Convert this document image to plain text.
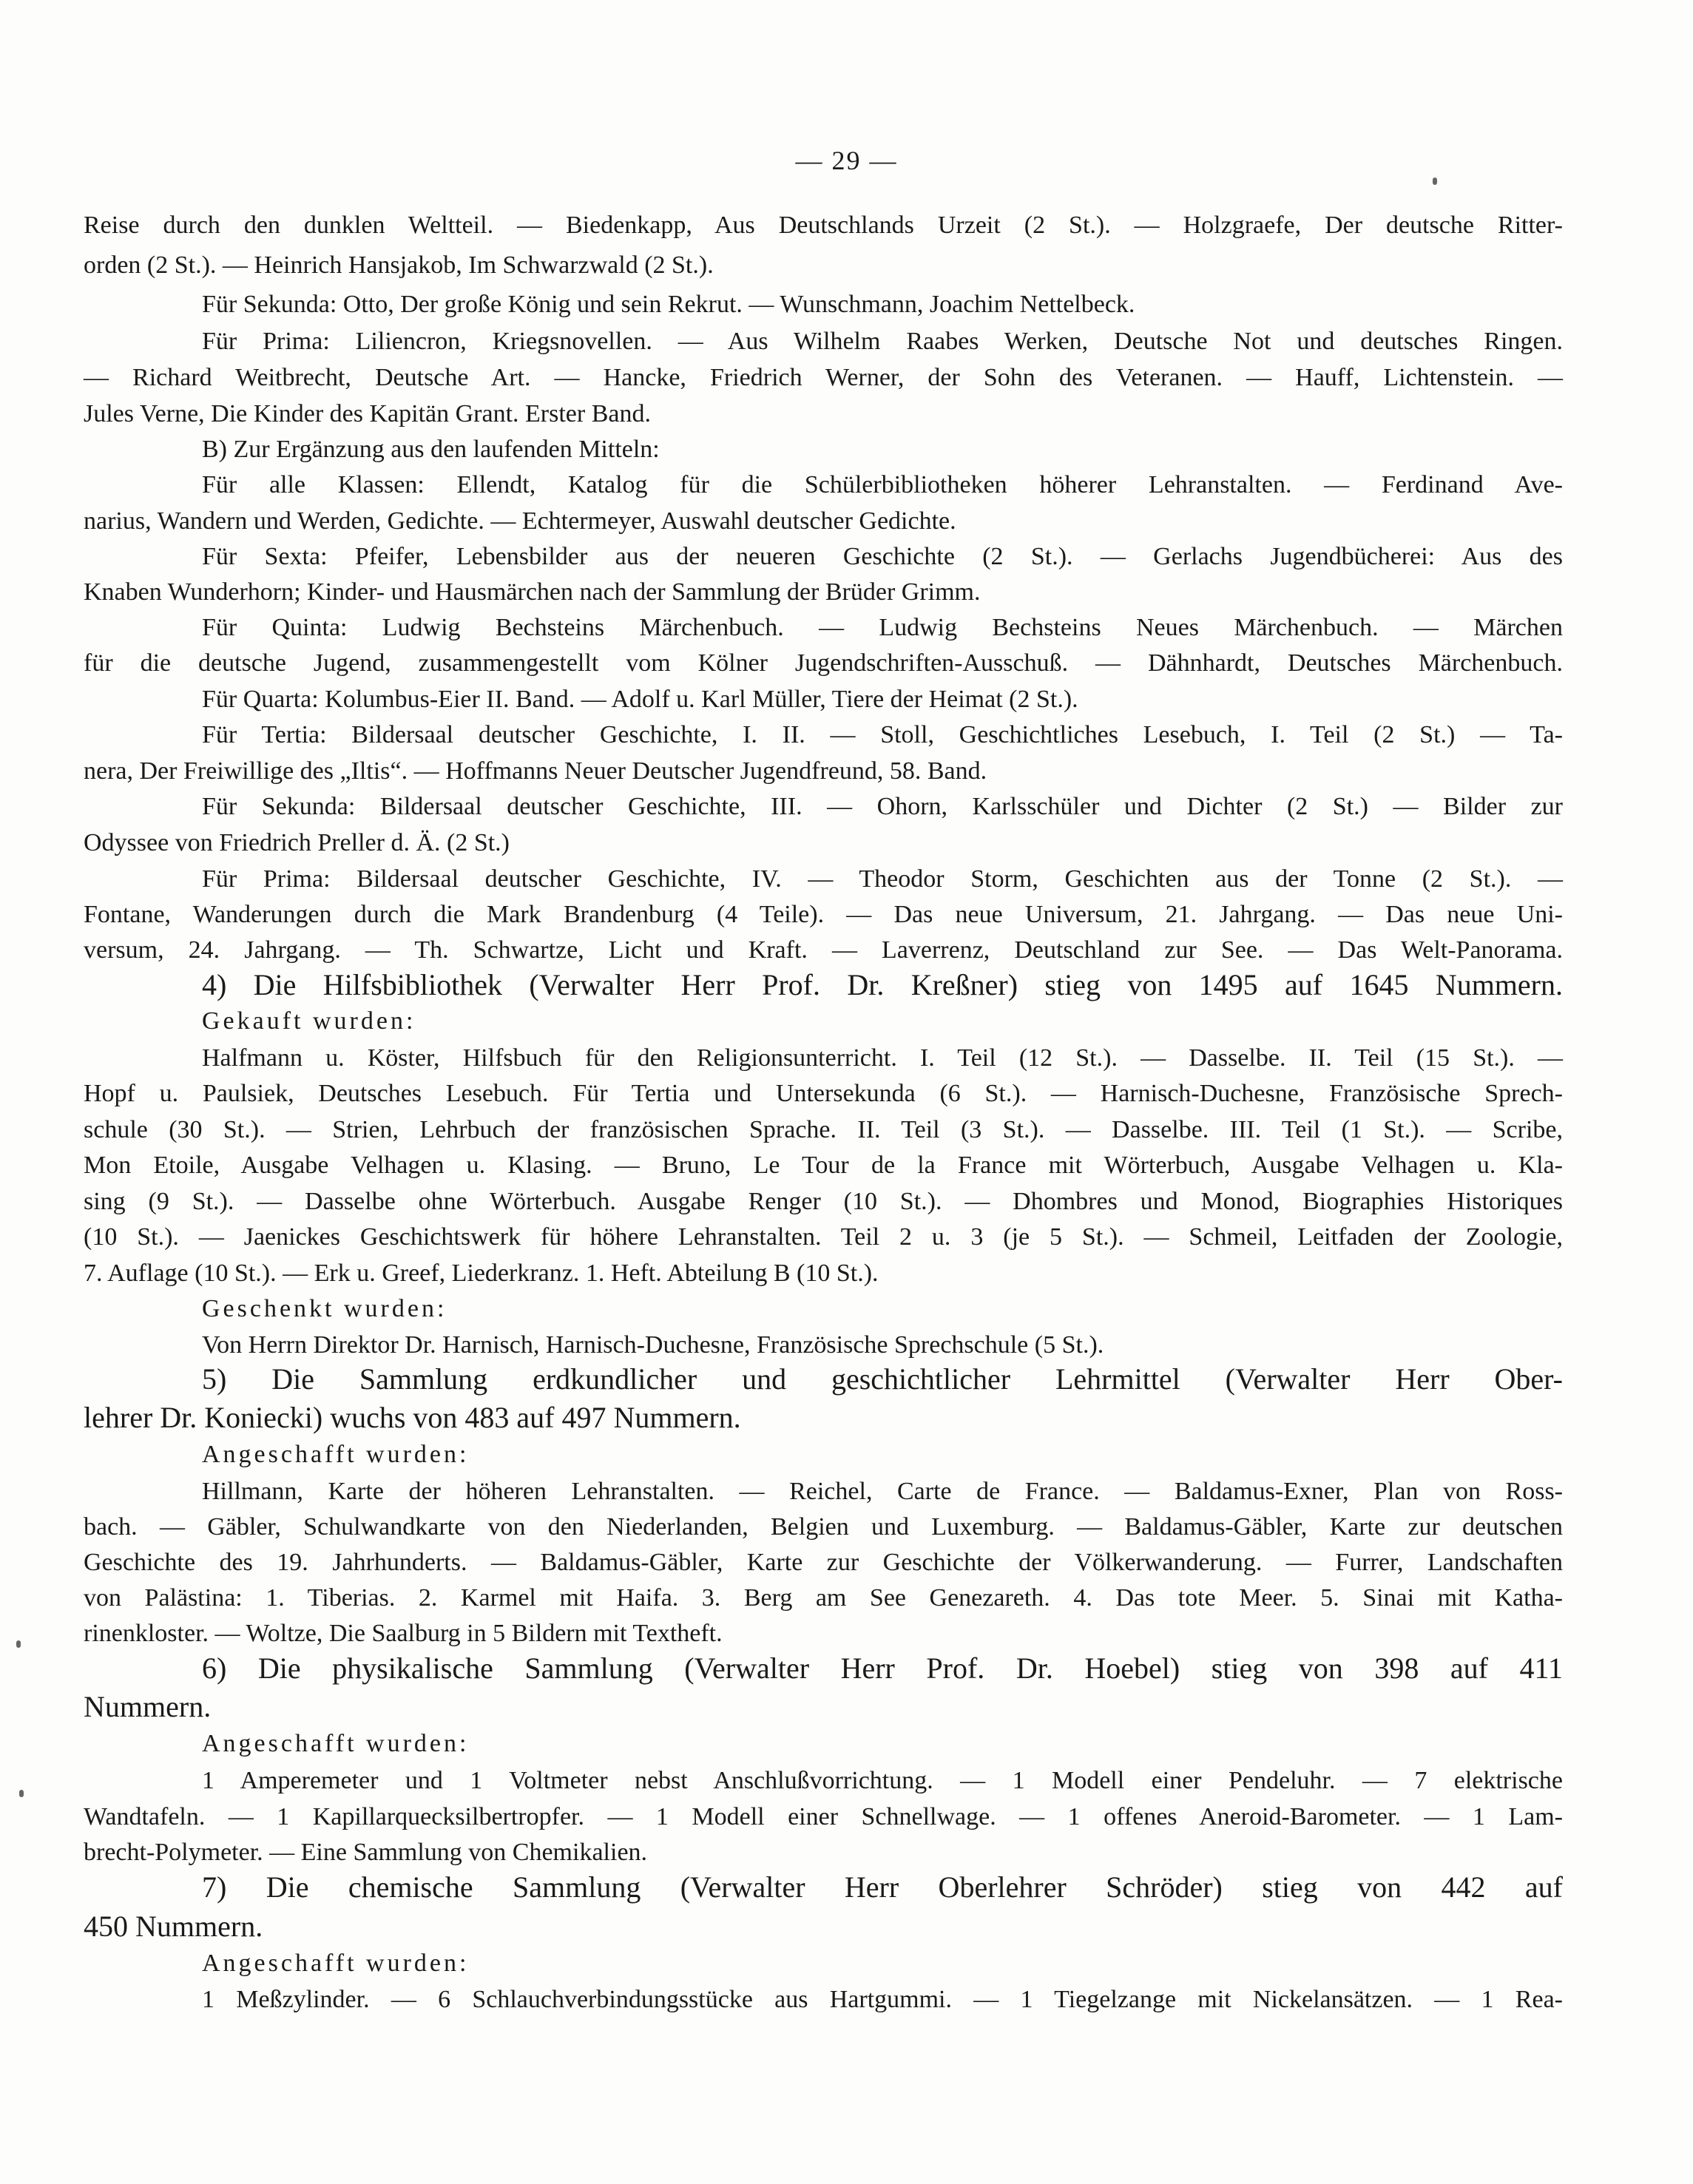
— 29 —
Reise durch den dunklen Weltteil. — Biedenkapp, Aus Deutschlands Urzeit (2 St.). — Holzgraefe, Der deutsche Ritter-
orden (2 St.). — Heinrich Hansjakob, Im Schwarzwald (2 St.).
Für Sekunda: Otto, Der große König und sein Rekrut. — Wunschmann, Joachim Nettelbeck.
Für Prima: Liliencron, Kriegsnovellen. — Aus Wilhelm Raabes Werken, Deutsche Not und deutsches Ringen.
— Richard Weitbrecht, Deutsche Art. — Hancke, Friedrich Werner, der Sohn des Veteranen. — Hauff, Lichtenstein. —
Jules Verne, Die Kinder des Kapitän Grant. Erster Band.
B) Zur Ergänzung aus den laufenden Mitteln:
Für alle Klassen: Ellendt, Katalog für die Schülerbibliotheken höherer Lehranstalten. — Ferdinand Ave-
narius, Wandern und Werden, Gedichte. — Echtermeyer, Auswahl deutscher Gedichte.
Für Sexta: Pfeifer, Lebensbilder aus der neueren Geschichte (2 St.). — Gerlachs Jugendbücherei: Aus des
Knaben Wunderhorn; Kinder- und Hausmärchen nach der Sammlung der Brüder Grimm.
Für Quinta: Ludwig Bechsteins Märchenbuch. — Ludwig Bechsteins Neues Märchenbuch. — Märchen
für die deutsche Jugend, zusammengestellt vom Kölner Jugendschriften-Ausschuß. — Dähnhardt, Deutsches Märchenbuch.
Für Quarta: Kolumbus-Eier II. Band. — Adolf u. Karl Müller, Tiere der Heimat (2 St.).
Für Tertia: Bildersaal deutscher Geschichte, I. II. — Stoll, Geschichtliches Lesebuch, I. Teil (2 St.) — Ta-
nera, Der Freiwillige des „Iltis“. — Hoffmanns Neuer Deutscher Jugendfreund, 58. Band.
Für Sekunda: Bildersaal deutscher Geschichte, III. — Ohorn, Karlsschüler und Dichter (2 St.) — Bilder zur
Odyssee von Friedrich Preller d. Ä. (2 St.)
Für Prima: Bildersaal deutscher Geschichte, IV. — Theodor Storm, Geschichten aus der Tonne (2 St.). —
Fontane, Wanderungen durch die Mark Brandenburg (4 Teile). — Das neue Universum, 21. Jahrgang. — Das neue Uni-
versum, 24. Jahrgang. — Th. Schwartze, Licht und Kraft. — Laverrenz, Deutschland zur See. — Das Welt-Panorama.
4) Die Hilfsbibliothek (Verwalter Herr Prof. Dr. Kreßner) stieg von 1495 auf 1645 Nummern.
Gekauft wurden:
Halfmann u. Köster, Hilfsbuch für den Religionsunterricht. I. Teil (12 St.). — Dasselbe. II. Teil (15 St.). —
Hopf u. Paulsiek, Deutsches Lesebuch. Für Tertia und Untersekunda (6 St.). — Harnisch-Duchesne, Französische Sprech-
schule (30 St.). — Strien, Lehrbuch der französischen Sprache. II. Teil (3 St.). — Dasselbe. III. Teil (1 St.). — Scribe,
Mon Etoile, Ausgabe Velhagen u. Klasing. — Bruno, Le Tour de la France mit Wörterbuch, Ausgabe Velhagen u. Kla-
sing (9 St.). — Dasselbe ohne Wörterbuch. Ausgabe Renger (10 St.). — Dhombres und Monod, Biographies Historiques
(10 St.). — Jaenickes Geschichtswerk für höhere Lehranstalten. Teil 2 u. 3 (je 5 St.). — Schmeil, Leitfaden der Zoologie,
7. Auflage (10 St.). — Erk u. Greef, Liederkranz. 1. Heft. Abteilung B (10 St.).
Geschenkt wurden:
Von Herrn Direktor Dr. Harnisch, Harnisch-Duchesne, Französische Sprechschule (5 St.).
5) Die Sammlung erdkundlicher und geschichtlicher Lehrmittel (Verwalter Herr Ober-
lehrer Dr. Koniecki) wuchs von 483 auf 497 Nummern.
Angeschafft wurden:
Hillmann, Karte der höheren Lehranstalten. — Reichel, Carte de France. — Baldamus-Exner, Plan von Ross-
bach. — Gäbler, Schulwandkarte von den Niederlanden, Belgien und Luxemburg. — Baldamus-Gäbler, Karte zur deutschen
Geschichte des 19. Jahrhunderts. — Baldamus-Gäbler, Karte zur Geschichte der Völkerwanderung. — Furrer, Landschaften
von Palästina: 1. Tiberias. 2. Karmel mit Haifa. 3. Berg am See Genezareth. 4. Das tote Meer. 5. Sinai mit Katha-
rinenkloster. — Woltze, Die Saalburg in 5 Bildern mit Textheft.
6) Die physikalische Sammlung (Verwalter Herr Prof. Dr. Hoebel) stieg von 398 auf 411
Nummern.
Angeschafft wurden:
1 Amperemeter und 1 Voltmeter nebst Anschlußvorrichtung. — 1 Modell einer Pendeluhr. — 7 elektrische
Wandtafeln. — 1 Kapillarquecksilbertropfer. — 1 Modell einer Schnellwage. — 1 offenes Aneroid-Barometer. — 1 Lam-
brecht-Polymeter. — Eine Sammlung von Chemikalien.
7) Die chemische Sammlung (Verwalter Herr Oberlehrer Schröder) stieg von 442 auf
450 Nummern.
Angeschafft wurden:
1 Meßzylinder. — 6 Schlauchverbindungsstücke aus Hartgummi. — 1 Tiegelzange mit Nickelansätzen. — 1 Rea-
